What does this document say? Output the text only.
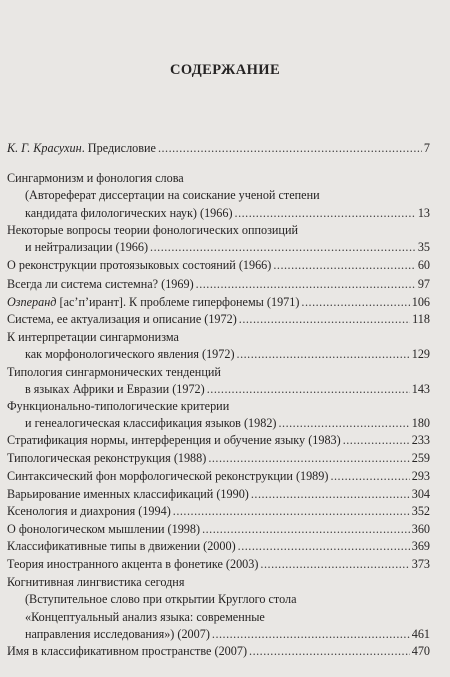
СОДЕРЖАНИЕ
К. Г. Красухин. Предисловие .....	7
Сингармонизм и фонология слова
(Автореферат диссертации на соискание ученой степени
кандидата филологических наук) (1966) .....	13
Некоторые вопросы теории фонологических оппозиций
и нейтрализации (1966) .....	35
О реконструкции протоязыковых состояний (1966) .....	60
Всегда ли система системна? (1969) .....	97
Озперанд [ас’п’ирант]. К проблеме гиперфонемы (1971) .....	106
Система, ее актуализация и описание (1972) .....	118
К интерпретации сингармонизма
как морфонологического явления (1972) .....	129
Типология сингармонических тенденций
в языках Африки и Евразии (1972) .....	143
Функционально-типологические критерии
и генеалогическая классификация языков (1982) .....	180
Стратификация нормы, интерференция и обучение языку (1983) .....	233
Типологическая реконструкция (1988) .....	259
Синтаксический фон морфологической реконструкции (1989) .....	293
Варьирование именных классификаций (1990) .....	304
Ксенология и диахрония (1994) .....	352
О фонологическом мышлении (1998) .....	360
Классификативные типы в движении (2000) .....	369
Теория иностранного акцента в фонетике (2003) .....	373
Когнитивная лингвистика сегодня
(Вступительное слово при открытии Круглого стола
«Концептуальный анализ языка: современные
направления исследования») (2007) .....	461
Имя в классификативном пространстве (2007) .....	470
